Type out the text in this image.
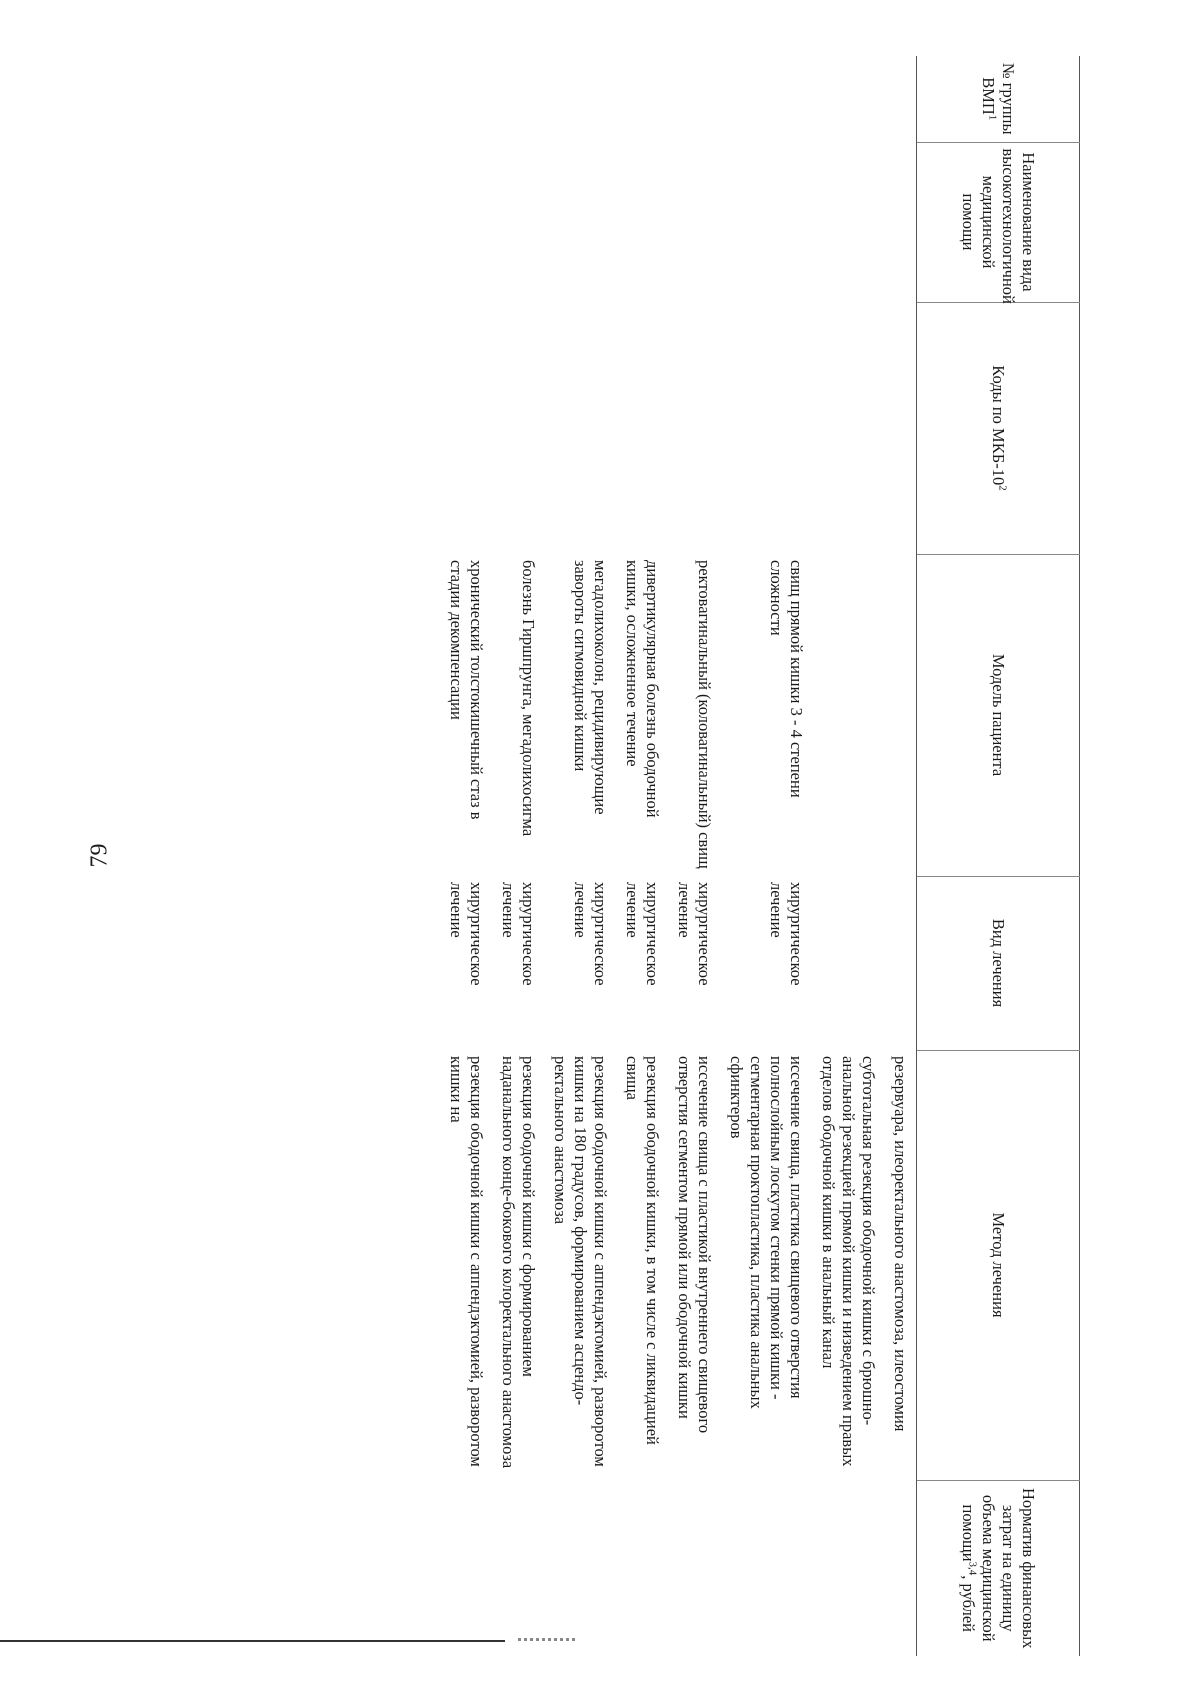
79
№ группы ВМП$^1$	Наименование вида высокотехнологичной медицинской помощи	Коды по МКБ-$10^2$	Модель пациента	Вид лечения	Метод лечения	Норматив финансовых затрат на единицу объема медицинской помощи$^{3,4}$, рублей
					резервуара, илеоректального анастомоза, илеостомия	
					субтотальная резекция ободочной кишки с брюшно-анальной резекцией прямой кишки и низведением правых отделов ободочной кишки в анальный канал	
			свищ прямой кишки 3 - 4 степени сложности	хирургическое лечение	иссечение свища, пластика свищевого отверстия полнослойным лоскутом стенки прямой кишки - сегментарная проктопластика, пластика анальных сфинктеров	
			ректовагинальный (коловагинальный) свищ	хирургическое лечение	иссечение свища с пластикой внутреннего свищевого отверстия сегментом прямой или ободочной кишки	
			дивертикулярная болезнь ободочной кишки, осложненное течение	хирургическое лечение	резекция ободочной кишки, в том числе с ликвидацией свища	
			мегадолихоколон, рецидивирующие завороты сигмовидной кишки	хирургическое лечение	резекция ободочной кишки с аппендэктомией, разворотом кишки на 180 градусов, формированием асцендо-ректального анастомоза	
			болезнь Гиршпрунга, мегадолихосигма	хирургическое лечение	резекция ободочной кишки с формированием наданального конце-бокового колоректального анастомоза	
			хронический толстокишечный стаз в стадии декомпенсации	хирургическое лечение	резекция ободочной кишки с аппендэктомией, разворотом кишки на	
